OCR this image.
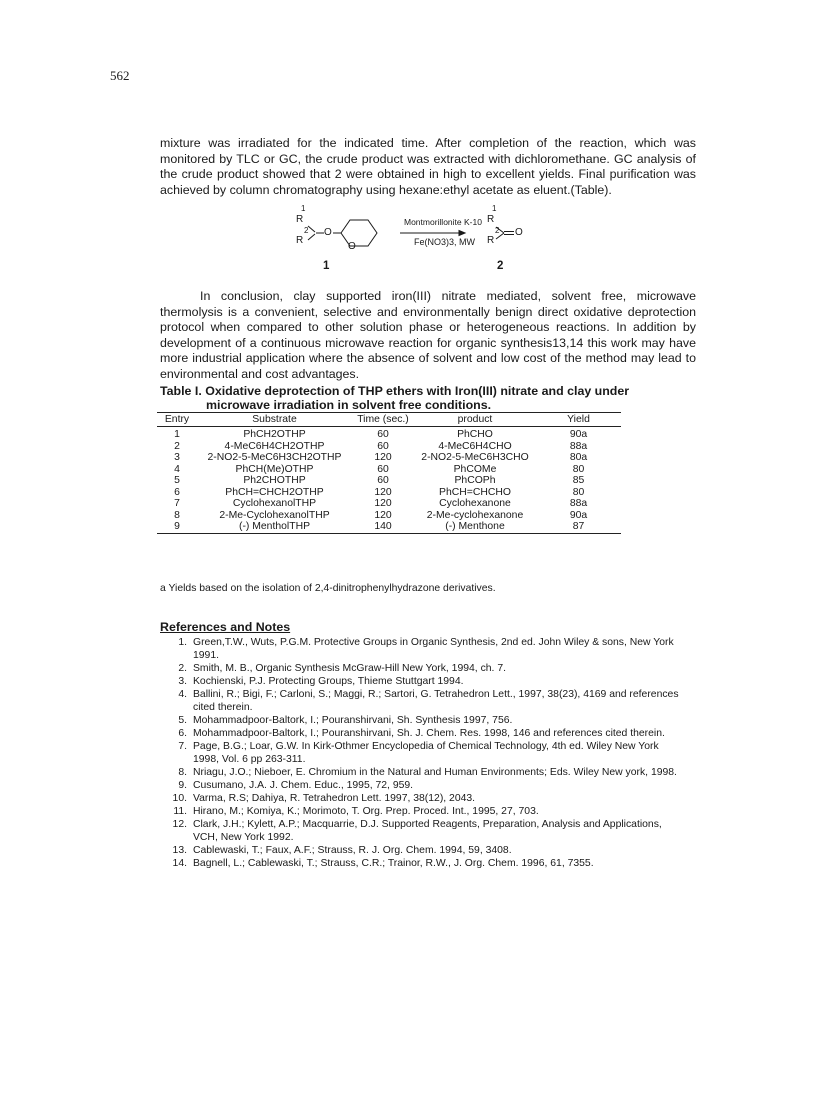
562
mixture was irradiated for the indicated time. After completion of the reaction, which was monitored by TLC or GC, the crude product was extracted with dichloromethane. GC analysis of the crude product showed that 2 were obtained in high to excellent yields. Final purification was achieved by column chromatography using hexane:ethyl acetate as eluent.(Table).
R
1
R
2 O
O
Montmorillonite K-10
Fe(NO3)3, MW
R
1
R
2 O
1	2
In conclusion, clay supported iron(III) nitrate mediated, solvent free, microwave thermolysis is a convenient, selective and environmentally benign direct oxidative deprotection protocol when compared to other solution phase or heterogeneous reactions. In addition by development of a continuous microwave reaction for organic synthesis13,14 this work may have more industrial application where the absence of solvent and low cost of the method may lead to environmental and cost advantages.
Table I. Oxidative deprotection of THP ethers with Iron(III) nitrate and clay under
microwave irradiation in solvent free conditions.
Entry	Substrate	Time (sec.)	product	Yield
1	PhCH2OTHP	60	PhCHO	90a
2	4-MeC6H4CH2OTHP	60	4-MeC6H4CHO	88a
3	2-NO2-5-MeC6H3CH2OTHP	120	2-NO2-5-MeC6H3CHO	80a
4	PhCH(Me)OTHP	60	PhCOMe	80
5	Ph2CHOTHP	60	PhCOPh	85
6	PhCH=CHCH2OTHP	120	PhCH=CHCHO	80
7	CyclohexanolTHP	120	Cyclohexanone	88a
8	2-Me-CyclohexanolTHP	120	2-Me-cyclohexanone	90a
9	(-) MentholTHP	140	(-) Menthone	87
a Yields based on the isolation of 2,4-dinitrophenylhydrazone derivatives.
References and Notes
1. Green,T.W., Wuts, P.G.M. Protective Groups in Organic Synthesis, 2nd ed. John Wiley & sons, New York 1991.
2. Smith, M. B., Organic Synthesis McGraw-Hill New York, 1994, ch. 7.
3. Kochienski, P.J. Protecting Groups, Thieme Stuttgart 1994.
4. Ballini, R.; Bigi, F.; Carloni, S.; Maggi, R.; Sartori, G. Tetrahedron Lett., 1997, 38(23), 4169 and references cited therein.
5. Mohammadpoor-Baltork, I.; Pouranshirvani, Sh. Synthesis 1997, 756.
6. Mohammadpoor-Baltork, I.; Pouranshirvani, Sh. J. Chem. Res. 1998, 146 and references cited therein.
7. Page, B.G.; Loar, G.W. In Kirk-Othmer Encyclopedia of Chemical Technology, 4th ed. Wiley New York 1998, Vol. 6 pp 263-311.
8. Nriagu, J.O.; Nieboer, E. Chromium in the Natural and Human Environments; Eds. Wiley New york, 1998.
9. Cusumano, J.A. J. Chem. Educ., 1995, 72, 959.
10. Varma, R.S; Dahiya, R. Tetrahedron Lett. 1997, 38(12), 2043.
11. Hirano, M.; Komiya, K.; Morimoto, T. Org. Prep. Proced. Int., 1995, 27, 703.
12. Clark, J.H.; Kylett, A.P.; Macquarrie, D.J. Supported Reagents, Preparation, Analysis and Applications, VCH, New York 1992.
13. Cablewaski, T.; Faux, A.F.; Strauss, R. J. Org. Chem. 1994, 59, 3408.
14. Bagnell, L.; Cablewaski, T.; Strauss, C.R.; Trainor, R.W., J. Org. Chem. 1996, 61, 7355.
